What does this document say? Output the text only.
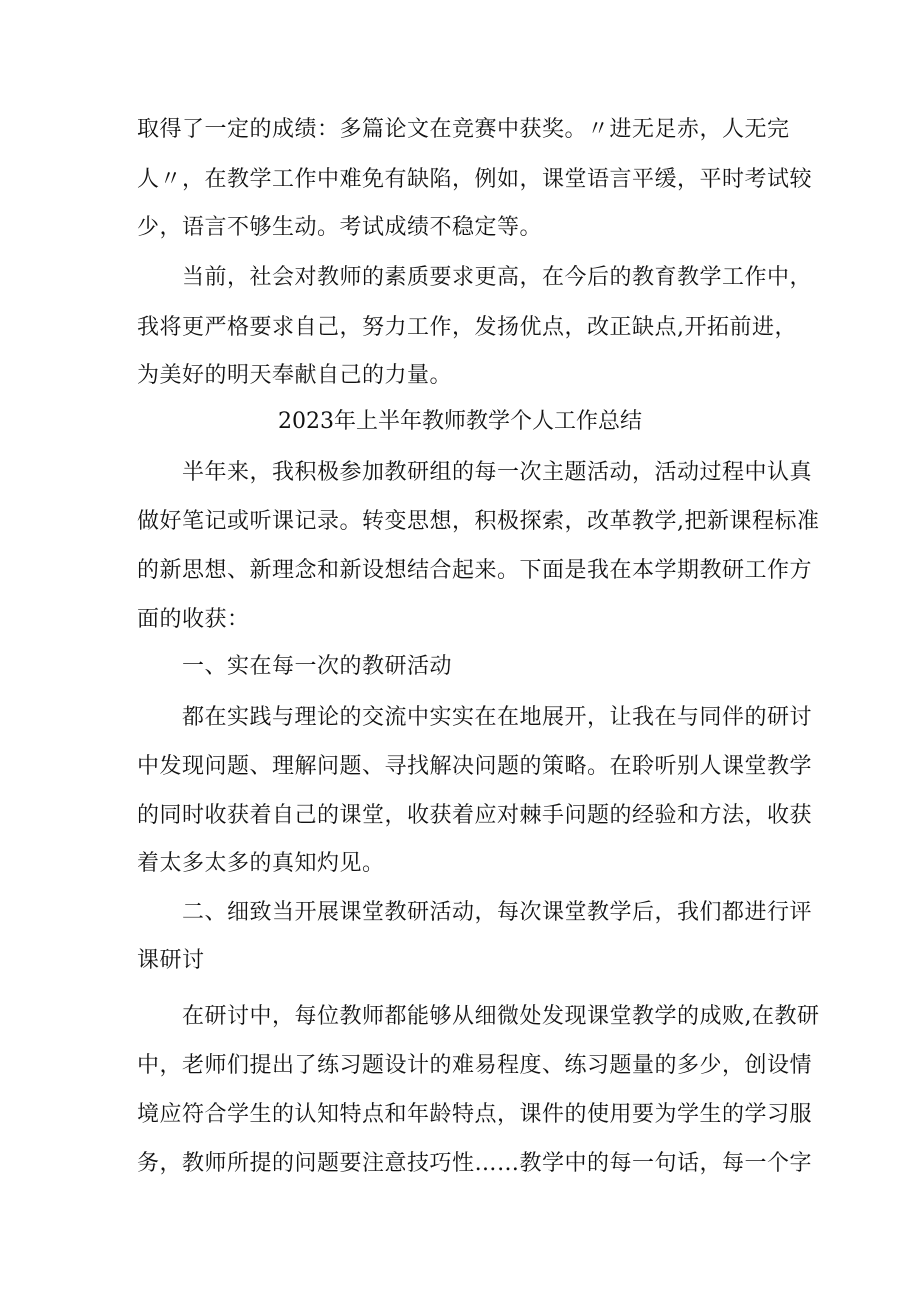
取得了一定的成绩：多篇论文在竞赛中获奖。〃进无足赤，人无完
人〃，在教学工作中难免有缺陷，例如，课堂语言平缓，平时考试较
少，语言不够生动。考试成绩不稳定等。
当前，社会对教师的素质要求更高，在今后的教育教学工作中，
我将更严格要求自己，努力工作，发扬优点，改正缺点,开拓前进，
为美好的明天奉献自己的力量。
2023年上半年教师教学个人工作总结
半年来，我积极参加教研组的每一次主题活动，活动过程中认真
做好笔记或听课记录。转变思想，积极探索，改革教学,把新课程标准
的新思想、新理念和新设想结合起来。下面是我在本学期教研工作方
面的收获：
一、实在每一次的教研活动
都在实践与理论的交流中实实在在地展开，让我在与同伴的研讨
中发现问题、理解问题、寻找解决问题的策略。在聆听别人课堂教学
的同时收获着自己的课堂，收获着应对棘手问题的经验和方法，收获
着太多太多的真知灼见。
二、细致当开展课堂教研活动，每次课堂教学后，我们都进行评
课研讨
在研讨中，每位教师都能够从细微处发现课堂教学的成败,在教研
中，老师们提出了练习题设计的难易程度、练习题量的多少，创设情
境应符合学生的认知特点和年龄特点，课件的使用要为学生的学习服
务，教师所提的问题要注意技巧性……教学中的每一句话，每一个字
